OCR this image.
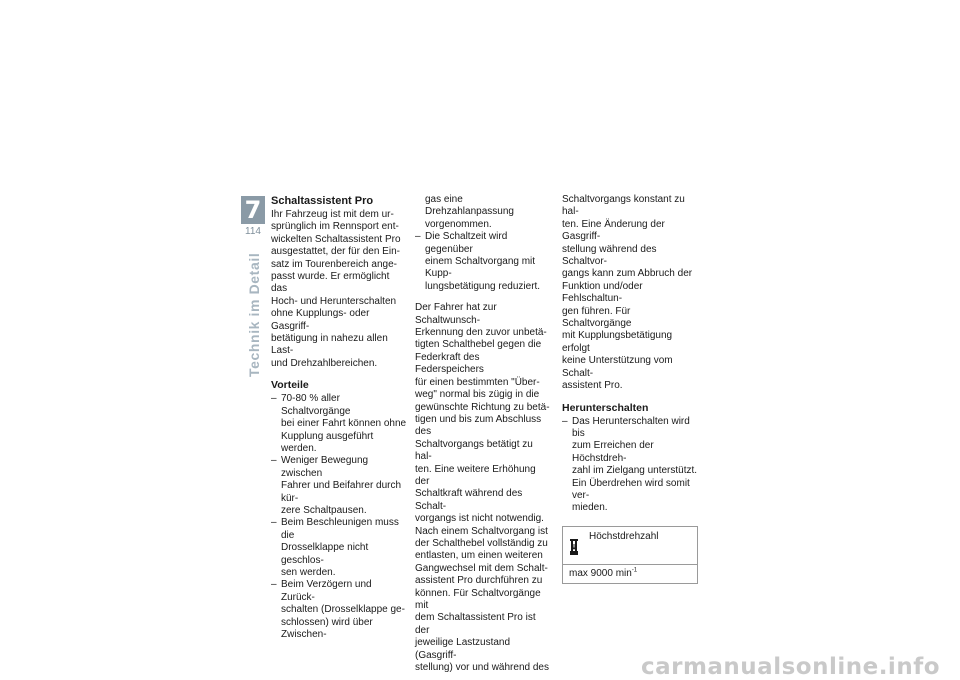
7
114
Technik im Detail
Schaltassistent Pro

Ihr Fahrzeug ist mit dem ur-
sprünglich im Rennsport ent-
wickelten Schaltassistent Pro
ausgestattet, der für den Ein-
satz im Tourenbereich ange-
passt wurde. Er ermöglicht das
Hoch- und Herunterschalten
ohne Kupplungs- oder Gasgriff-
betätigung in nahezu allen Last-
und Drehzahlbereichen.

Vorteile
– 70-80 % aller Schaltvorgänge
bei einer Fahrt können ohne
Kupplung ausgeführt werden.
– Weniger Bewegung zwischen
Fahrer und Beifahrer durch kür-
zere Schaltpausen.
– Beim Beschleunigen muss die
Drosselklappe nicht geschlos-
sen werden.
– Beim Verzögern und Zurück-
schalten (Drosselklappe ge-
schlossen) wird über Zwischen-

gas eine Drehzahlanpassung
vorgenommen.

– Die Schaltzeit wird gegenüber
einem Schaltvorgang mit Kupp-
lungsbetätigung reduziert.

Der Fahrer hat zur Schaltwunsch-
Erkennung den zuvor unbetä-
tigten Schalthebel gegen die
Federkraft des Federspeichers
für einen bestimmten "Über-
weg" normal bis zügig in die
gewünschte Richtung zu betä-
tigen und bis zum Abschluss des
Schaltvorgangs betätigt zu hal-
ten. Eine weitere Erhöhung der
Schaltkraft während des Schalt-
vorgangs ist nicht notwendig.
Nach einem Schaltvorgang ist
der Schalthebel vollständig zu
entlasten, um einen weiteren
Gangwechsel mit dem Schalt-
assistent Pro durchführen zu
können. Für Schaltvorgänge mit
dem Schaltassistent Pro ist der
jeweilige Lastzustand (Gasgriff-
stellung) vor und während des

Schaltvorgangs konstant zu hal-
ten. Eine Änderung der Gasgriff-
stellung während des Schaltvor-
gangs kann zum Abbruch der
Funktion und/oder Fehlschaltun-
gen führen. Für Schaltvorgänge
mit Kupplungsbetätigung erfolgt
keine Unterstützung vom Schalt-
assistent Pro.

Herunterschalten
– Das Herunterschalten wird bis
zum Erreichen der Höchstdreh-
zahl im Zielgang unterstützt.
Ein Überdrehen wird somit ver-
mieden.
Höchstdrehzahl
max 9000 $\min^{-1}$
carmanualsonline.info
